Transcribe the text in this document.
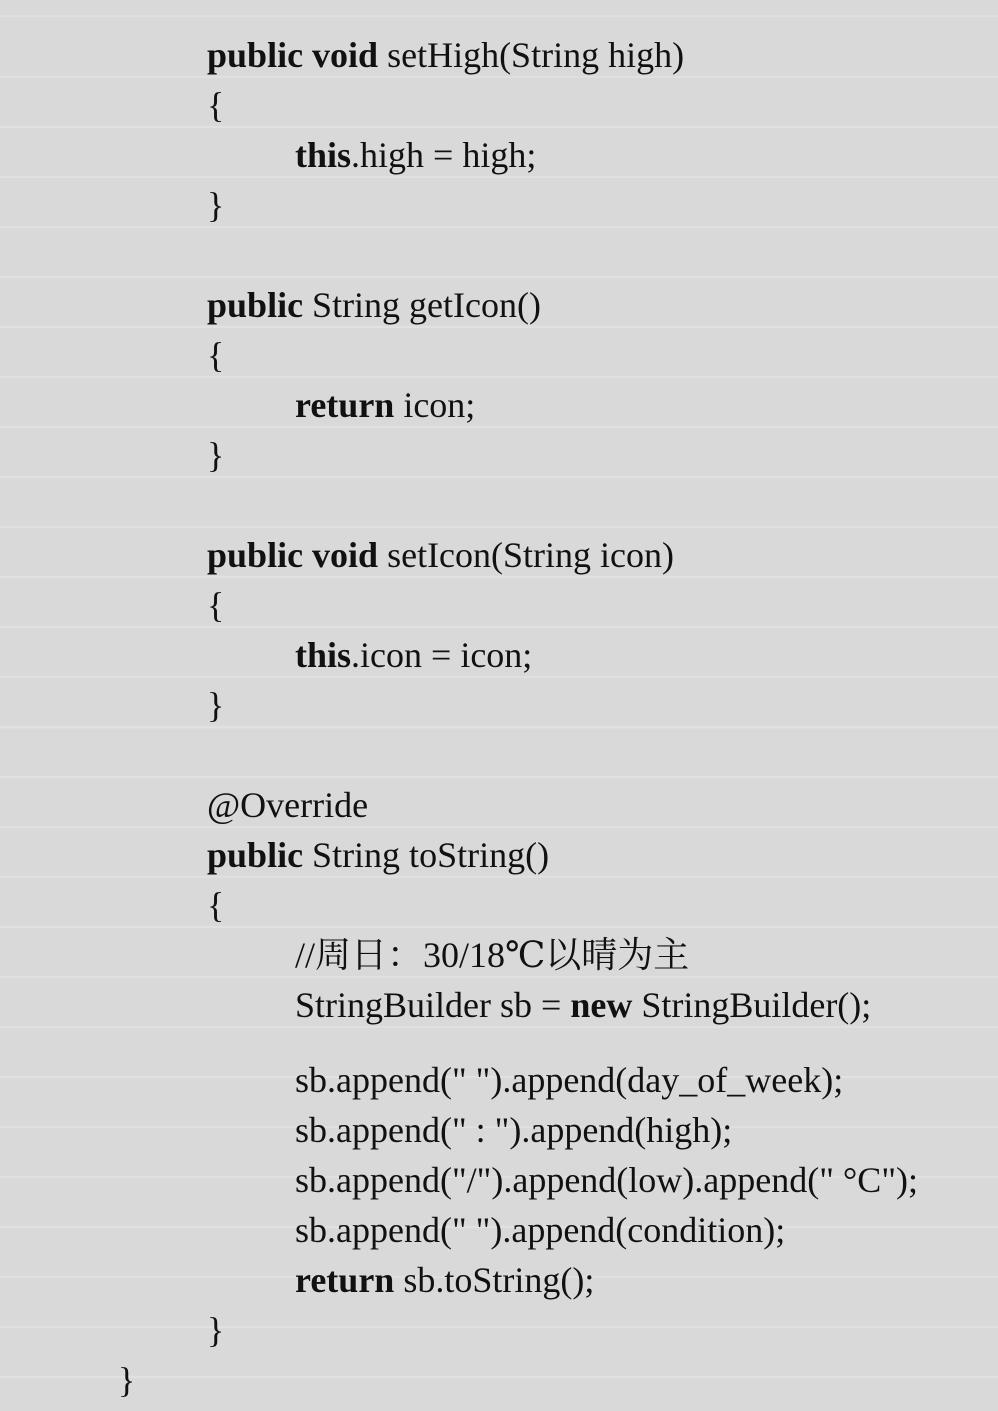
public void setHigh(String high)
{
this.high = high;
}
public String getIcon()
{
return icon;
}
public void setIcon(String icon)
{
this.icon = icon;
}
@Override
public String toString()
{
//周日：30/18℃以晴为主
StringBuilder sb = new StringBuilder();
sb.append(" ").append(day_of_week);
sb.append(" : ").append(high);
sb.append("/").append(low).append(" °C");
sb.append(" ").append(condition);
return sb.toString();
}
}
